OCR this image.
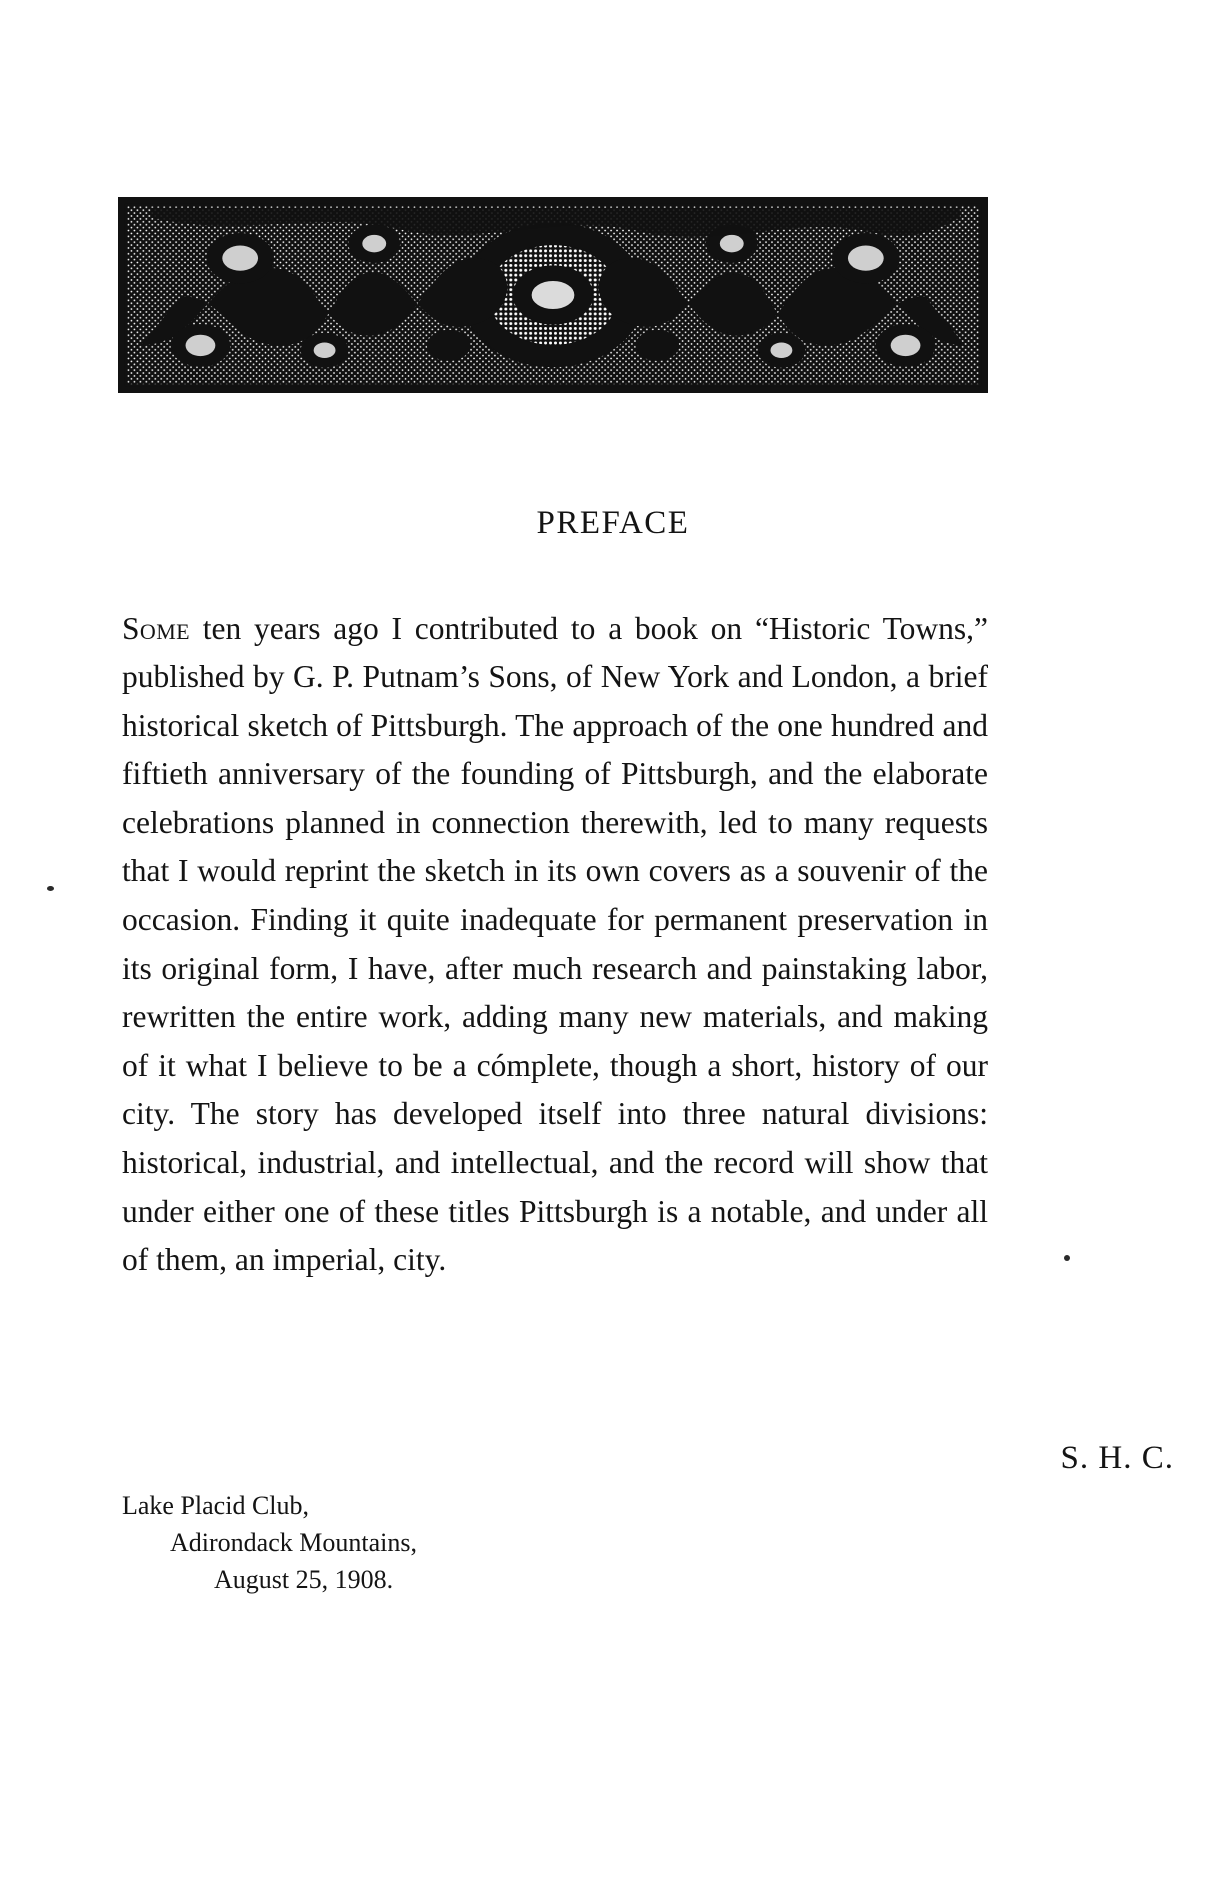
PREFACE

Some ten years ago I contributed to a book on “Historic Towns,” published by G. P. Putnam’s Sons, of New York and London, a brief historical sketch of Pittsburgh. The approach of the one hundred and fiftieth anniversary of the founding of Pittsburgh, and the elaborate celebrations planned in connection therewith, led to many requests that I would reprint the sketch in its own covers as a souvenir of the occasion. Finding it quite inadequate for permanent preservation in its original form, I have, after much research and painstaking labor, rewritten the entire work, adding many new materials, and making of it what I believe to be a cómplete, though a short, history of our city. The story has developed itself into three natural divisions: historical, industrial, and intellectual, and the record will show that under either one of these titles Pittsburgh is a notable, and under all of them, an imperial, city.

S. H. C.
Lake Placid Club,
Adirondack Mountains,
August 25, 1908.
